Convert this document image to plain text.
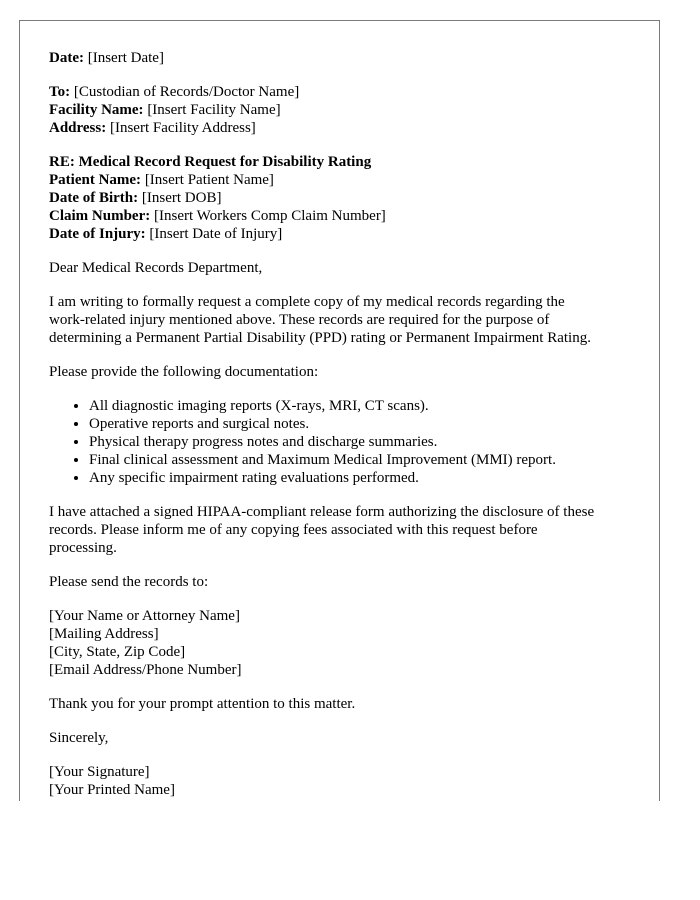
Date: [Insert Date]
To: [Custodian of Records/Doctor Name]
Facility Name: [Insert Facility Name]
Address: [Insert Facility Address]
RE: Medical Record Request for Disability Rating
Patient Name: [Insert Patient Name]
Date of Birth: [Insert DOB]
Claim Number: [Insert Workers Comp Claim Number]
Date of Injury: [Insert Date of Injury]

Dear Medical Records Department,

I am writing to formally request a complete copy of my medical records regarding the
work-related injury mentioned above. These records are required for the purpose of
determining a Permanent Partial Disability (PPD) rating or Permanent Impairment Rating.

Please provide the following documentation:

• All diagnostic imaging reports (X-rays, MRI, CT scans).
• Operative reports and surgical notes.
• Physical therapy progress notes and discharge summaries.
• Final clinical assessment and Maximum Medical Improvement (MMI) report.
• Any specific impairment rating evaluations performed.

I have attached a signed HIPAA-compliant release form authorizing the disclosure of these
records. Please inform me of any copying fees associated with this request before
processing.

Please send the records to:

[Your Name or Attorney Name]
[Mailing Address]
[City, State, Zip Code]
[Email Address/Phone Number]

Thank you for your prompt attention to this matter.

Sincerely,

[Your Signature]
[Your Printed Name]
